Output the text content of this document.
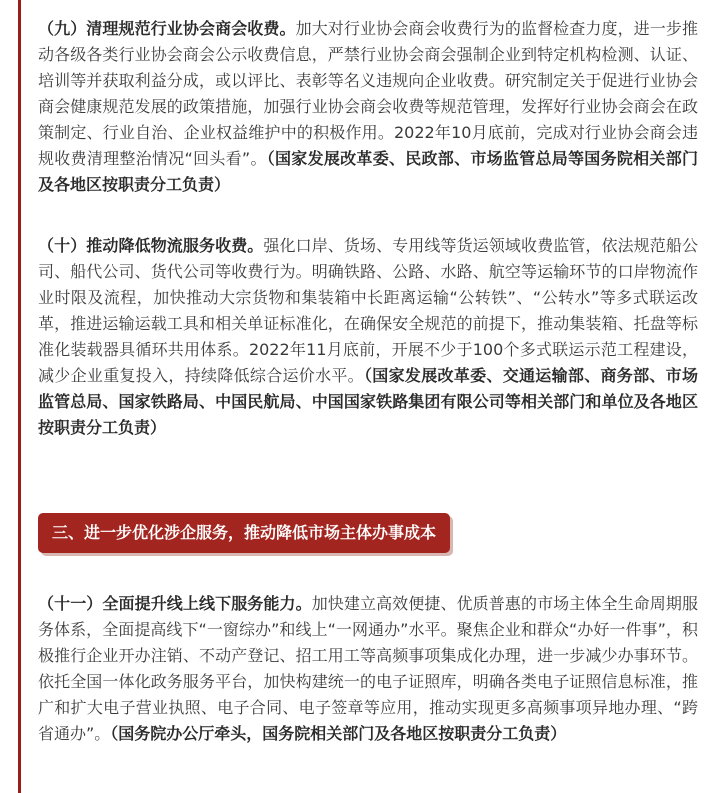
（九）清理规范行业协会商会收费。加大对行业协会商会收费行为的监督检查力度，进一步推动各级各类行业协会商会公示收费信息，严禁行业协会商会强制企业到特定机构检测、认证、培训等并获取利益分成，或以评比、表彰等名义违规向企业收费。研究制定关于促进行业协会商会健康规范发展的政策措施，加强行业协会商会收费等规范管理，发挥好行业协会商会在政策制定、行业自治、企业权益维护中的积极作用。2022年10月底前，完成对行业协会商会违规收费清理整治情况“回头看”。（国家发展改革委、民政部、市场监管总局等国务院相关部门及各地区按职责分工负责）

（十）推动降低物流服务收费。强化口岸、货场、专用线等货运领域收费监管，依法规范船公司、船代公司、货代公司等收费行为。明确铁路、公路、水路、航空等运输环节的口岸物流作业时限及流程，加快推动大宗货物和集装箱中长距离运输“公转铁”、“公转水”等多式联运改革，推进运输运载工具和相关单证标准化，在确保安全规范的前提下，推动集装箱、托盘等标准化装载器具循环共用体系。2022年11月底前，开展不少于100个多式联运示范工程建设，减少企业重复投入，持续降低综合运价水平。（国家发展改革委、交通运输部、商务部、市场监管总局、国家铁路局、中国民航局、中国国家铁路集团有限公司等相关部门和单位及各地区按职责分工负责）

三、进一步优化涉企服务，推动降低市场主体办事成本

（十一）全面提升线上线下服务能力。加快建立高效便捷、优质普惠的市场主体全生命周期服务体系，全面提高线下“一窗综办”和线上“一网通办”水平。聚焦企业和群众“办好一件事”，积极推行企业开办注销、不动产登记、招工用工等高频事项集成化办理，进一步减少办事环节。依托全国一体化政务服务平台，加快构建统一的电子证照库，明确各类电子证照信息标准，推广和扩大电子营业执照、电子合同、电子签章等应用，推动实现更多高频事项异地办理、“跨省通办”。（国务院办公厅牵头，国务院相关部门及各地区按职责分工负责）
